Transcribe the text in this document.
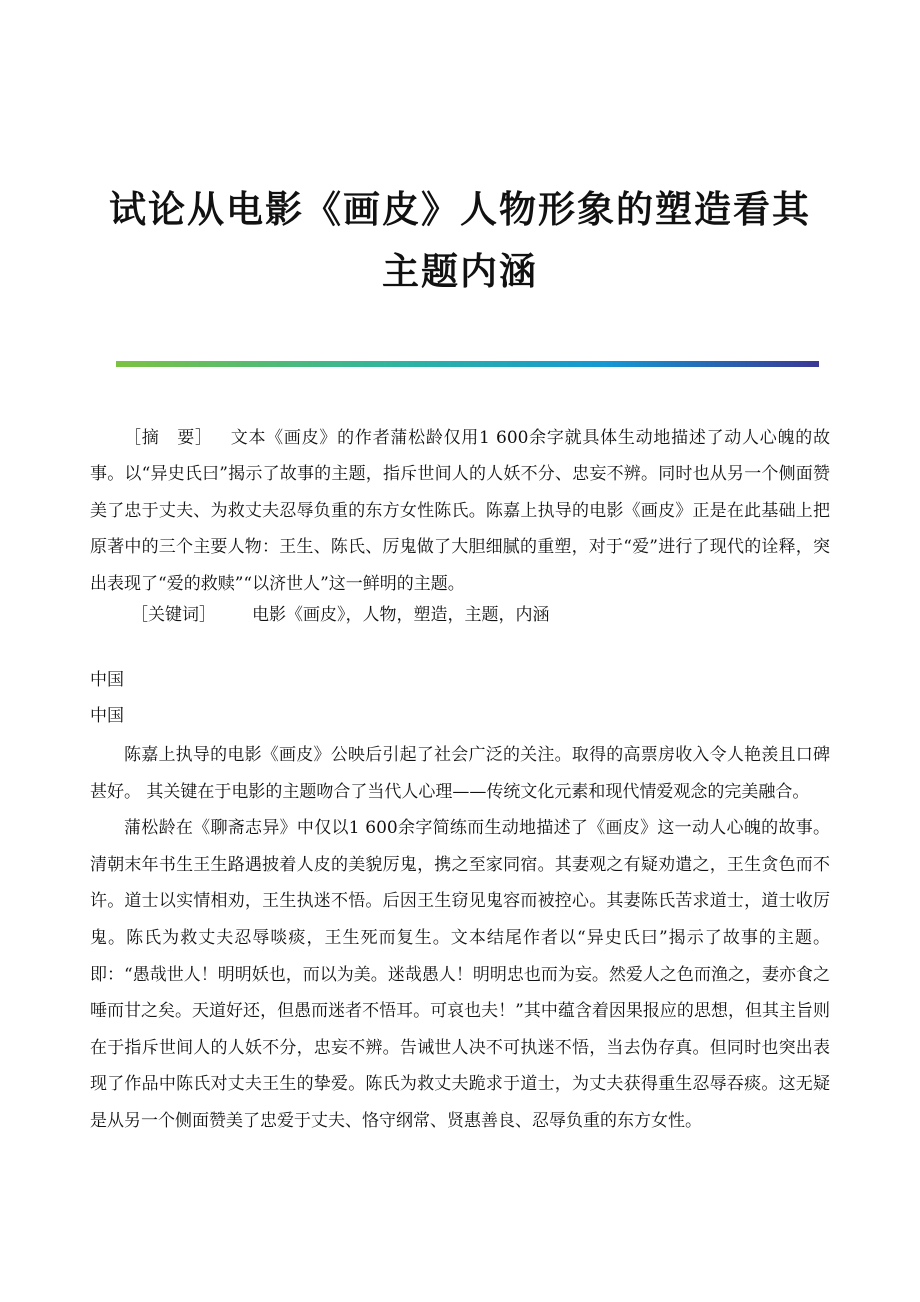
试论从电影《画皮》人物形象的塑造看其主题内涵

［摘　要］ 文本《画皮》的作者蒲松龄仅用1 600余字就具体生动地描述了动人心魄的故事。以“异史氏曰”揭示了故事的主题，指斥世间人的人妖不分、忠妄不辨。同时也从另一个侧面赞美了忠于丈夫、为救丈夫忍辱负重的东方女性陈氏。陈嘉上执导的电影《画皮》正是在此基础上把原著中的三个主要人物：王生、陈氏、厉鬼做了大胆细腻的重塑，对于“爱”进行了现代的诠释，突出表现了“爱的救赎”“以济世人”这一鲜明的主题。

［关键词］ 电影《画皮》，人物，塑造，主题，内涵
中国
中国

陈嘉上执导的电影《画皮》公映后引起了社会广泛的关注。取得的高票房收入令人艳羡且口碑甚好。 其关键在于电影的主题吻合了当代人心理——传统文化元素和现代情爱观念的完美融合。

蒲松龄在《聊斋志异》中仅以1 600余字简练而生动地描述了《画皮》这一动人心魄的故事。清朝末年书生王生路遇披着人皮的美貌厉鬼，携之至家同宿。其妻观之有疑劝遣之，王生贪色而不许。道士以实情相劝，王生执迷不悟。后因王生窃见鬼容而被控心。其妻陈氏苦求道士，道士收厉鬼。陈氏为救丈夫忍辱啖痰，王生死而复生。文本结尾作者以“异史氏曰”揭示了故事的主题。即：“愚哉世人！明明妖也，而以为美。迷哉愚人！明明忠也而为妄。然爱人之色而渔之，妻亦食之唾而甘之矣。天道好还，但愚而迷者不悟耳。可哀也夫！”其中蕴含着因果报应的思想，但其主旨则在于指斥世间人的人妖不分，忠妄不辨。告诫世人决不可执迷不悟，当去伪存真。但同时也突出表现了作品中陈氏对丈夫王生的挚爱。陈氏为救丈夫跪求于道士，为丈夫获得重生忍辱吞痰。这无疑是从另一个侧面赞美了忠爱于丈夫、恪守纲常、贤惠善良、忍辱负重的东方女性。
